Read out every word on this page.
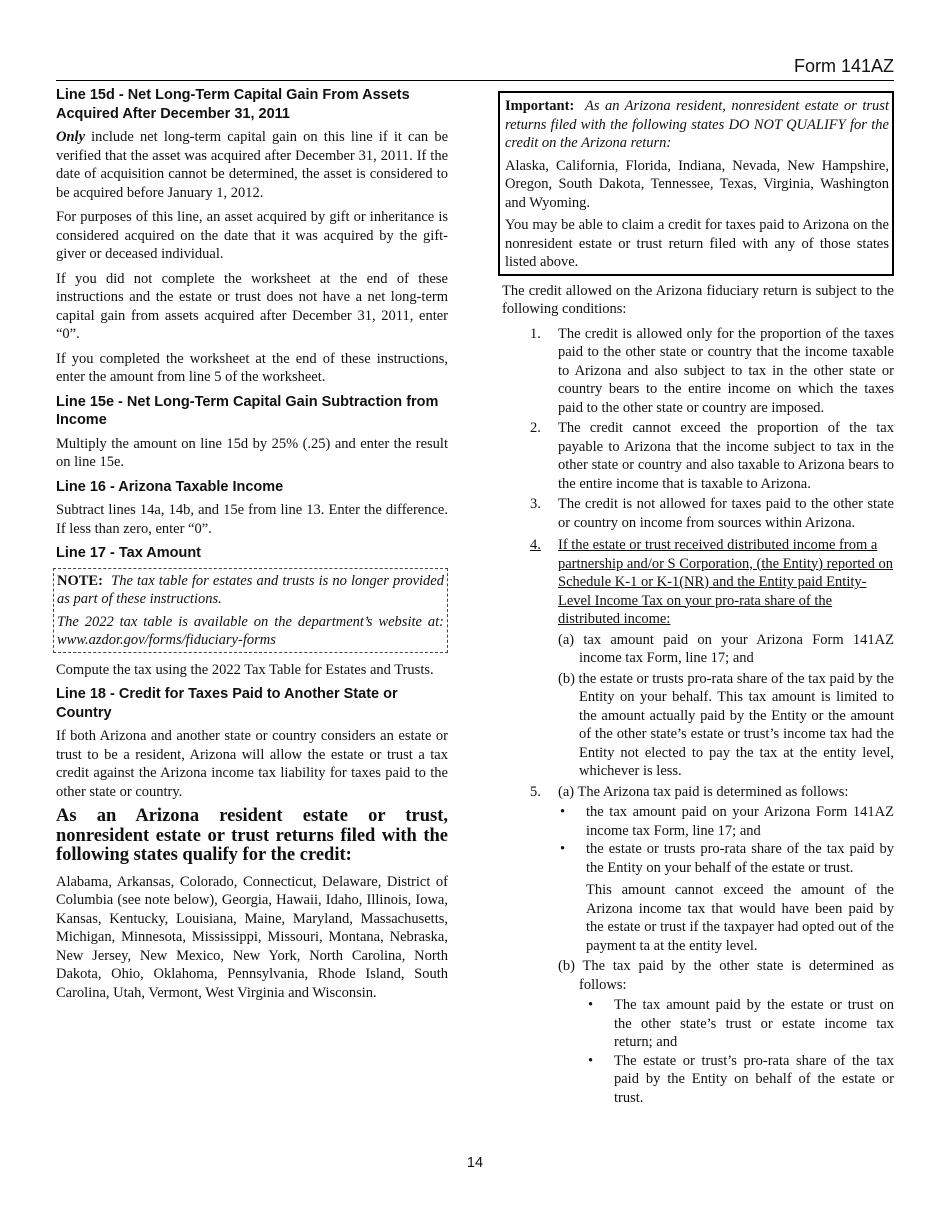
Form 141AZ
Line 15d - Net Long-Term Capital Gain From Assets Acquired After December 31, 2011

Only include net long-term capital gain on this line if it can be verified that the asset was acquired after December 31, 2011. If the date of acquisition cannot be determined, the asset is considered to be acquired before January 1, 2012.

For purposes of this line, an asset acquired by gift or inheritance is considered acquired on the date that it was acquired by the gift-giver or deceased individual.

If you did not complete the worksheet at the end of these instructions and the estate or trust does not have a net long-term capital gain from assets acquired after December 31, 2011, enter “0”.

If you completed the worksheet at the end of these instructions, enter the amount from line 5 of the worksheet.

Line 15e - Net Long-Term Capital Gain Subtraction from Income

Multiply the amount on line 15d by 25% (.25) and enter the result on line 15e.

Line 16 - Arizona Taxable Income

Subtract lines 14a, 14b, and 15e from line 13. Enter the difference. If less than zero, enter “0”.

Line 17 - Tax Amount

NOTE: The tax table for estates and trusts is no longer provided as part of these instructions.

The 2022 tax table is available on the department’s website at: www.azdor.gov/forms/fiduciary-forms

Compute the tax using the 2022 Tax Table for Estates and Trusts.

Line 18 - Credit for Taxes Paid to Another State or Country

If both Arizona and another state or country considers an estate or trust to be a resident, Arizona will allow the estate or trust a tax credit against the Arizona income tax liability for taxes paid to the other state or country.

As an Arizona resident estate or trust, nonresident estate or trust returns filed with the following states qualify for the credit:

Alabama, Arkansas, Colorado, Connecticut, Delaware, District of Columbia (see note below), Georgia, Hawaii, Idaho, Illinois, Iowa, Kansas, Kentucky, Louisiana, Maine, Maryland, Massachusetts, Michigan, Minnesota, Mississippi, Missouri, Montana, Nebraska, New Jersey, New Mexico, New York, North Carolina, North Dakota, Ohio, Oklahoma, Pennsylvania, Rhode Island, South Carolina, Utah, Vermont, West Virginia and Wisconsin.

Important: As an Arizona resident, nonresident estate or trust returns filed with the following states DO NOT QUALIFY for the credit on the Arizona return:

Alaska, California, Florida, Indiana, Nevada, New Hampshire, Oregon, South Dakota, Tennessee, Texas, Virginia, Washington and Wyoming.

You may be able to claim a credit for taxes paid to Arizona on the nonresident estate or trust return filed with any of those states listed above.

The credit allowed on the Arizona fiduciary return is subject to the following conditions:

1. The credit is allowed only for the proportion of the taxes paid to the other state or country that the income taxable to Arizona and also subject to tax in the other state or country bears to the entire income on which the taxes paid to the other state or country are imposed.

2. The credit cannot exceed the proportion of the tax payable to Arizona that the income subject to tax in the other state or country and also taxable to Arizona bears to the entire income that is taxable to Arizona.

3. The credit is not allowed for taxes paid to the other state or country on income from sources within Arizona.

4. If the estate or trust received distributed income from a partnership and/or S Corporation, (the Entity) reported on Schedule K-1 or K-1(NR) and the Entity paid Entity-Level Income Tax on your pro-rata share of the distributed income:

(a) tax amount paid on your Arizona Form 141AZ income tax Form, line 17; and

(b) the estate or trusts pro-rata share of the tax paid by the Entity on your behalf. This tax amount is limited to the amount actually paid by the Entity or the amount of the other state’s estate or trust’s income tax had the Entity not elected to pay the tax at the entity level, whichever is less.

5. (a) The Arizona tax paid is determined as follows:

• the tax amount paid on your Arizona Form 141AZ income tax Form, line 17; and

• the estate or trusts pro-rata share of the tax paid by the Entity on your behalf of the estate or trust.

This amount cannot exceed the amount of the Arizona income tax that would have been paid by the estate or trust if the taxpayer had opted out of the payment ta at the entity level.

(b) The tax paid by the other state is determined as follows:

• The tax amount paid by the estate or trust on the other state’s trust or estate income tax return; and

• The estate or trust’s pro-rata share of the tax paid by the Entity on behalf of the estate or trust.

14
